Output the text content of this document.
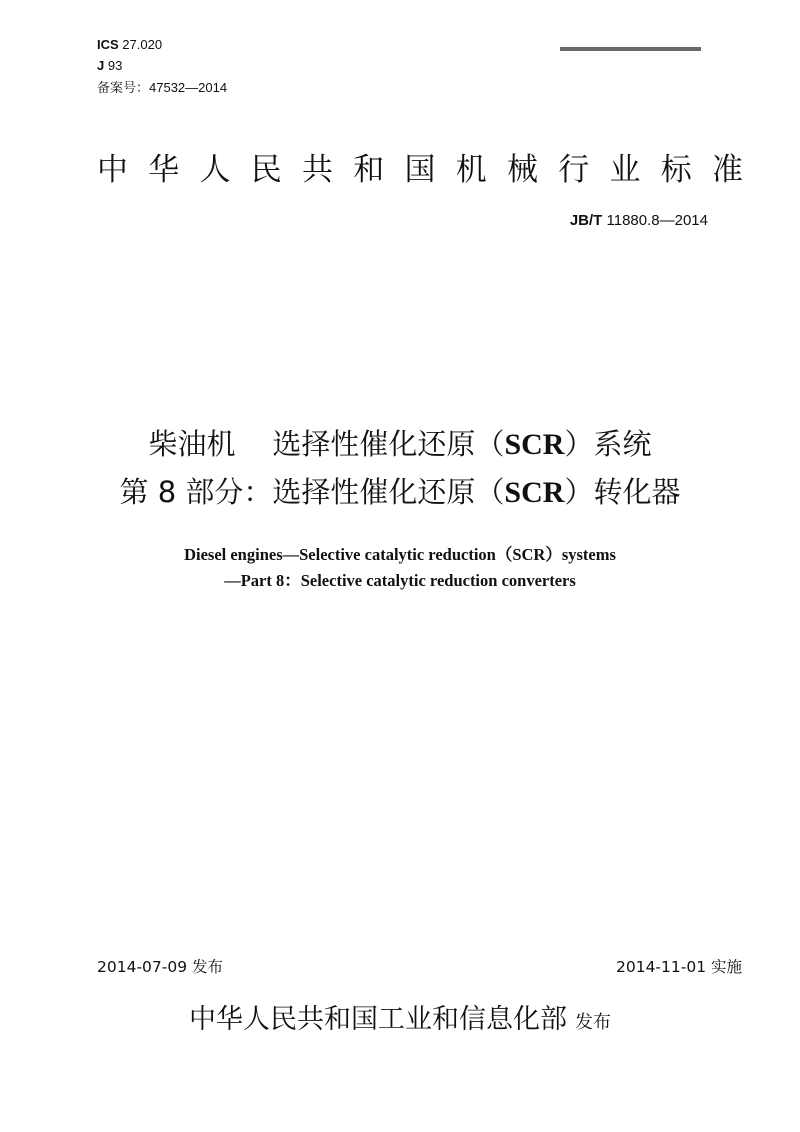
ICS 27.020
J 93
备案号：47532—2014
中 华 人 民 共 和 国 机 械 行 业 标 准
JB/T 11880.8—2014
柴油机 选择性催化还原（SCR）系统
第 8 部分：选择性催化还原（SCR）转化器
Diesel engines—Selective catalytic reduction（SCR）systems
—Part 8：Selective catalytic reduction converters
2014-07-09 发布	2014-11-01 实施
中华人民共和国工业和信息化部 发布
